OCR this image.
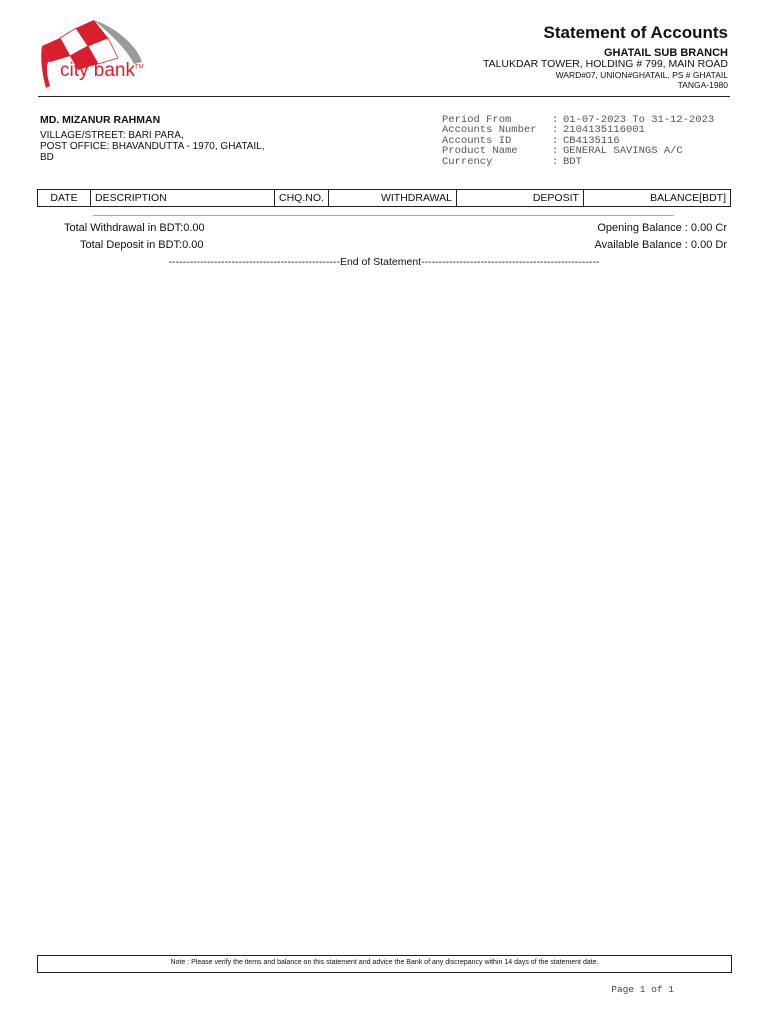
city bank™
Statement of Accounts
GHATAIL SUB BRANCH
TALUKDAR TOWER, HOLDING # 799, MAIN ROAD
WARD#07, UNION#GHATAIL, PS # GHATAIL
TANGA-1980
MD. MIZANUR RAHMAN
VILLAGE/STREET: BARI PARA,
POST OFFICE: BHAVANDUTTA - 1970, GHATAIL,
BD
Period From	: 01-07-2023 To 31-12-2023
Accounts Number	: 2104135116001
Accounts ID	: CB4135116
Product Name	: GENERAL SAVINGS A/C
Currency	: BDT
DATE	DESCRIPTION	CHQ.NO.	WITHDRAWAL	DEPOSIT	BALANCE[BDT]
Total Withdrawal in BDT:0.00
Total Deposit in BDT:0.00
Opening Balance : 0.00 Cr
Available Balance : 0.00 Dr
-------------------------------------------------End of Statement---------------------------------------------------
Note : Please verify the items and balance on this statement and advice the Bank of any discrepancy within 14 days of the statement date.
Page 1 of 1
